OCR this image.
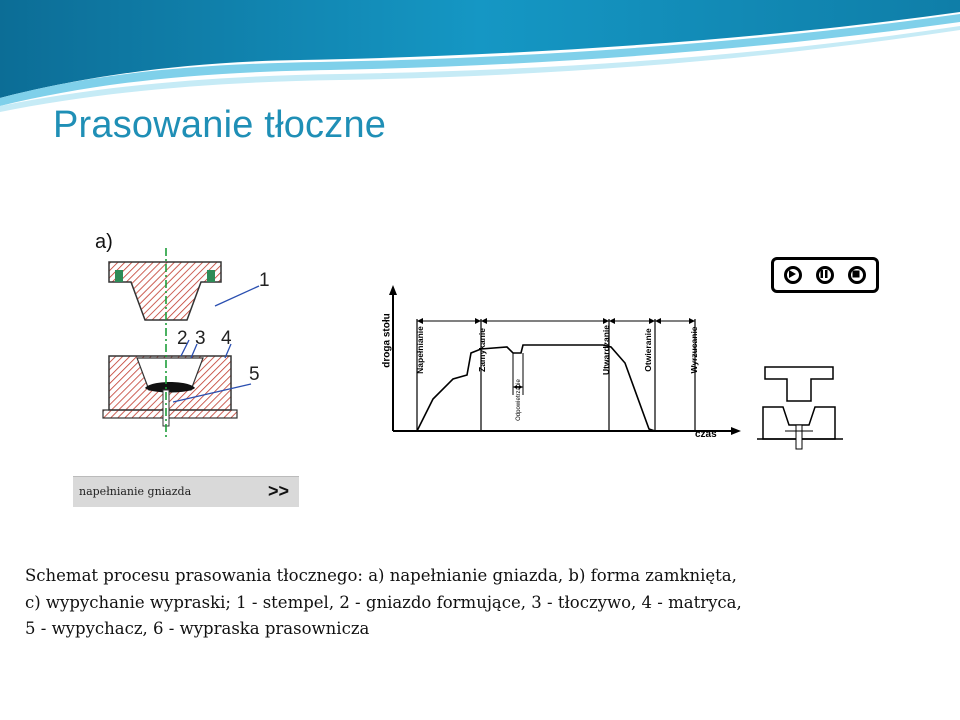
Prasowanie tłoczne
a)
1
2 3 4
5
napełnianie gniazda	>>
droga stołu
czas
Napełnianie	Zamykanie
Odpowietrzanie
Utwardzanie	Otwieranie	Wyrzucanie

Schemat procesu prasowania tłocznego: a) napełnianie gniazda, b) forma zamknięta,
c) wypychanie wypraski; 1 - stempel, 2 - gniazdo formujące, 3 - tłoczywo, 4 - matryca,
5 - wypychacz, 6 - wypraska prasownicza
